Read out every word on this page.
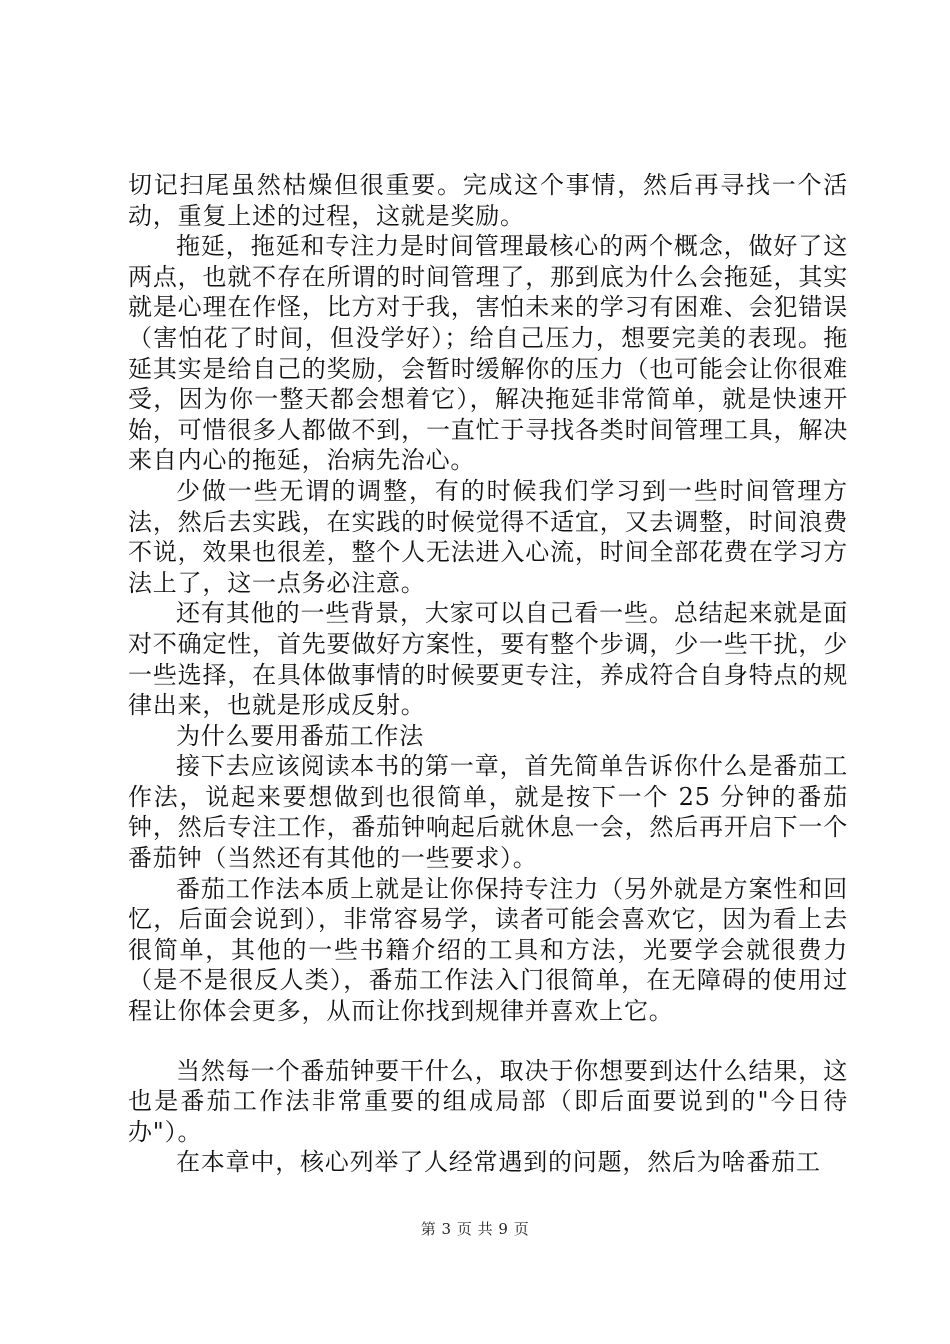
切记扫尾虽然枯燥但很重要。完成这个事情，然后再寻找一个活动，重复上述的过程，这就是奖励。

拖延，拖延和专注力是时间管理最核心的两个概念，做好了这两点，也就不存在所谓的时间管理了，那到底为什么会拖延，其实就是心理在作怪，比方对于我，害怕未来的学习有困难、会犯错误（害怕花了时间，但没学好）；给自己压力，想要完美的表现。拖延其实是给自己的奖励，会暂时缓解你的压力（也可能会让你很难受，因为你一整天都会想着它），解决拖延非常简单，就是快速开始，可惜很多人都做不到，一直忙于寻找各类时间管理工具，解决来自内心的拖延，治病先治心。

少做一些无谓的调整，有的时候我们学习到一些时间管理方法，然后去实践，在实践的时候觉得不适宜，又去调整，时间浪费不说，效果也很差，整个人无法进入心流，时间全部花费在学习方法上了，这一点务必注意。

还有其他的一些背景，大家可以自己看一些。总结起来就是面对不确定性，首先要做好方案性，要有整个步调，少一些干扰，少一些选择，在具体做事情的时候要更专注，养成符合自身特点的规律出来，也就是形成反射。

为什么要用番茄工作法

接下去应该阅读本书的第一章，首先简单告诉你什么是番茄工作法，说起来要想做到也很简单，就是按下一个 25 分钟的番茄钟，然后专注工作，番茄钟响起后就休息一会，然后再开启下一个番茄钟（当然还有其他的一些要求）。

番茄工作法本质上就是让你保持专注力（另外就是方案性和回忆，后面会说到），非常容易学，读者可能会喜欢它，因为看上去很简单，其他的一些书籍介绍的工具和方法，光要学会就很费力（是不是很反人类），番茄工作法入门很简单，在无障碍的使用过程让你体会更多，从而让你找到规律并喜欢上它。

当然每一个番茄钟要干什么，取决于你想要到达什么结果，这也是番茄工作法非常重要的组成局部（即后面要说到的"今日待办"）。

在本章中，核心列举了人经常遇到的问题，然后为啥番茄工

第 3 页 共 9 页
